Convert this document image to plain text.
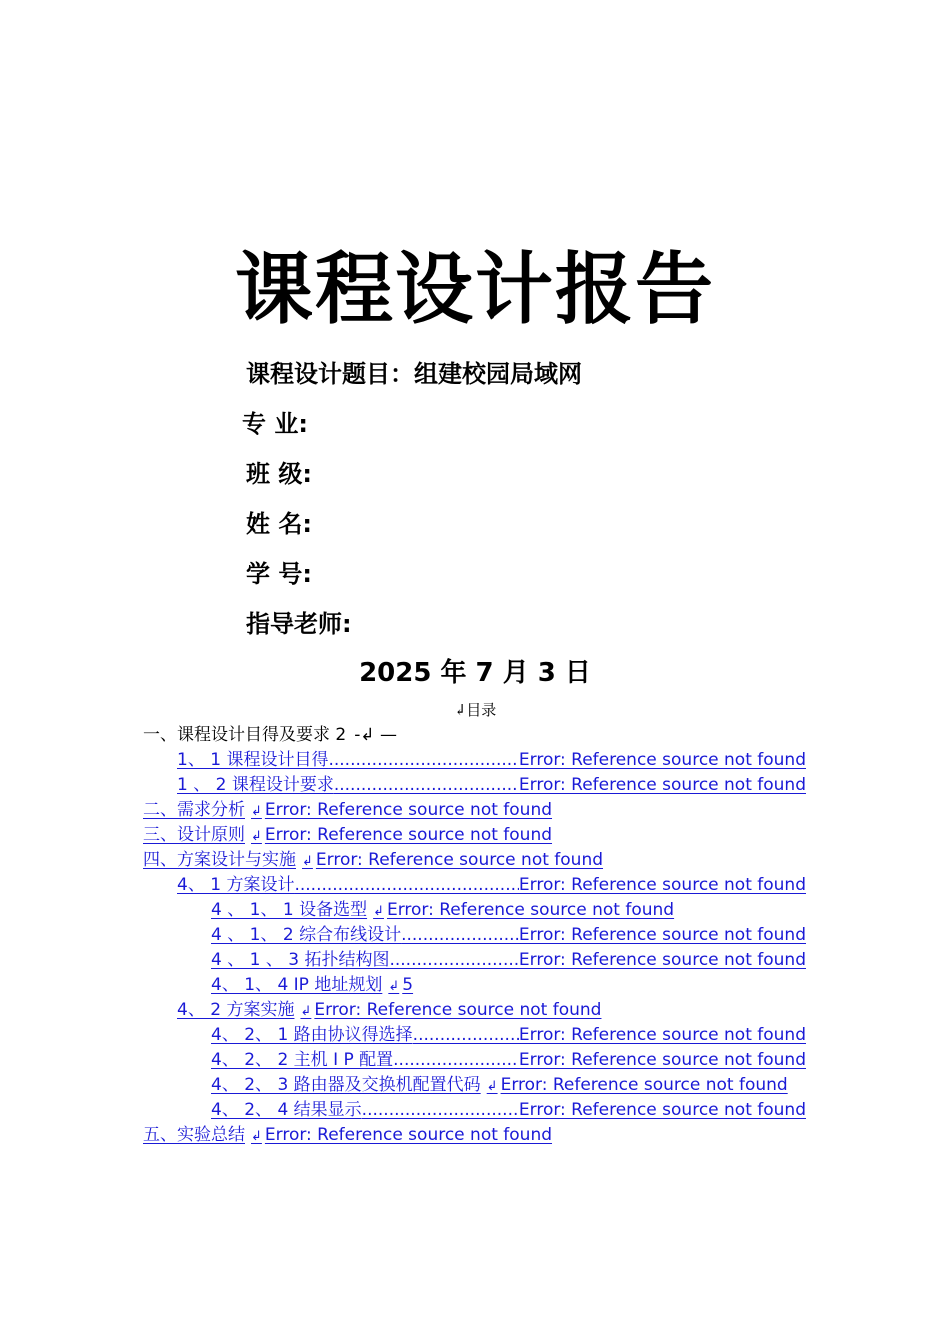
课程设计报告
课程设计题目：组建校园局域网
专 业:
班 级:
姓 名:
学 号:
指导老师:
2025 年 7 月 3 日
↲目录
一、课程设计目得及要求 2 -↲ —
1、 1 课程设计目得 .....	Error: Reference source not found
1 、 2 课程设计要求 .....	Error: Reference source not found
二、需求分析 ↲ Error: Reference source not found
三、设计原则 ↲ Error: Reference source not found
四、方案设计与实施 ↲ Error: Reference source not found
4、 1 方案设计 .....	Error: Reference source not found
4 、 1、 1 设备选型 ↲ Error: Reference source not found
4 、 1、 2 综合布线设计 .....	Error: Reference source not found
4 、 1 、 3 拓扑结构图 .....	Error: Reference source not found
4、 1、 4 IP 地址规划 ↲ 5
4、 2 方案实施 ↲ Error: Reference source not found
4、 2、 1 路由协议得选择 .....	Error: Reference source not found
4、 2、 2 主机 I P 配置 .....	Error: Reference source not found
4、 2、 3 路由器及交换机配置代码 ↲ Error: Reference source not found
4、 2、 4 结果显示 .....	Error: Reference source not found
五、实验总结 ↲ Error: Reference source not found
